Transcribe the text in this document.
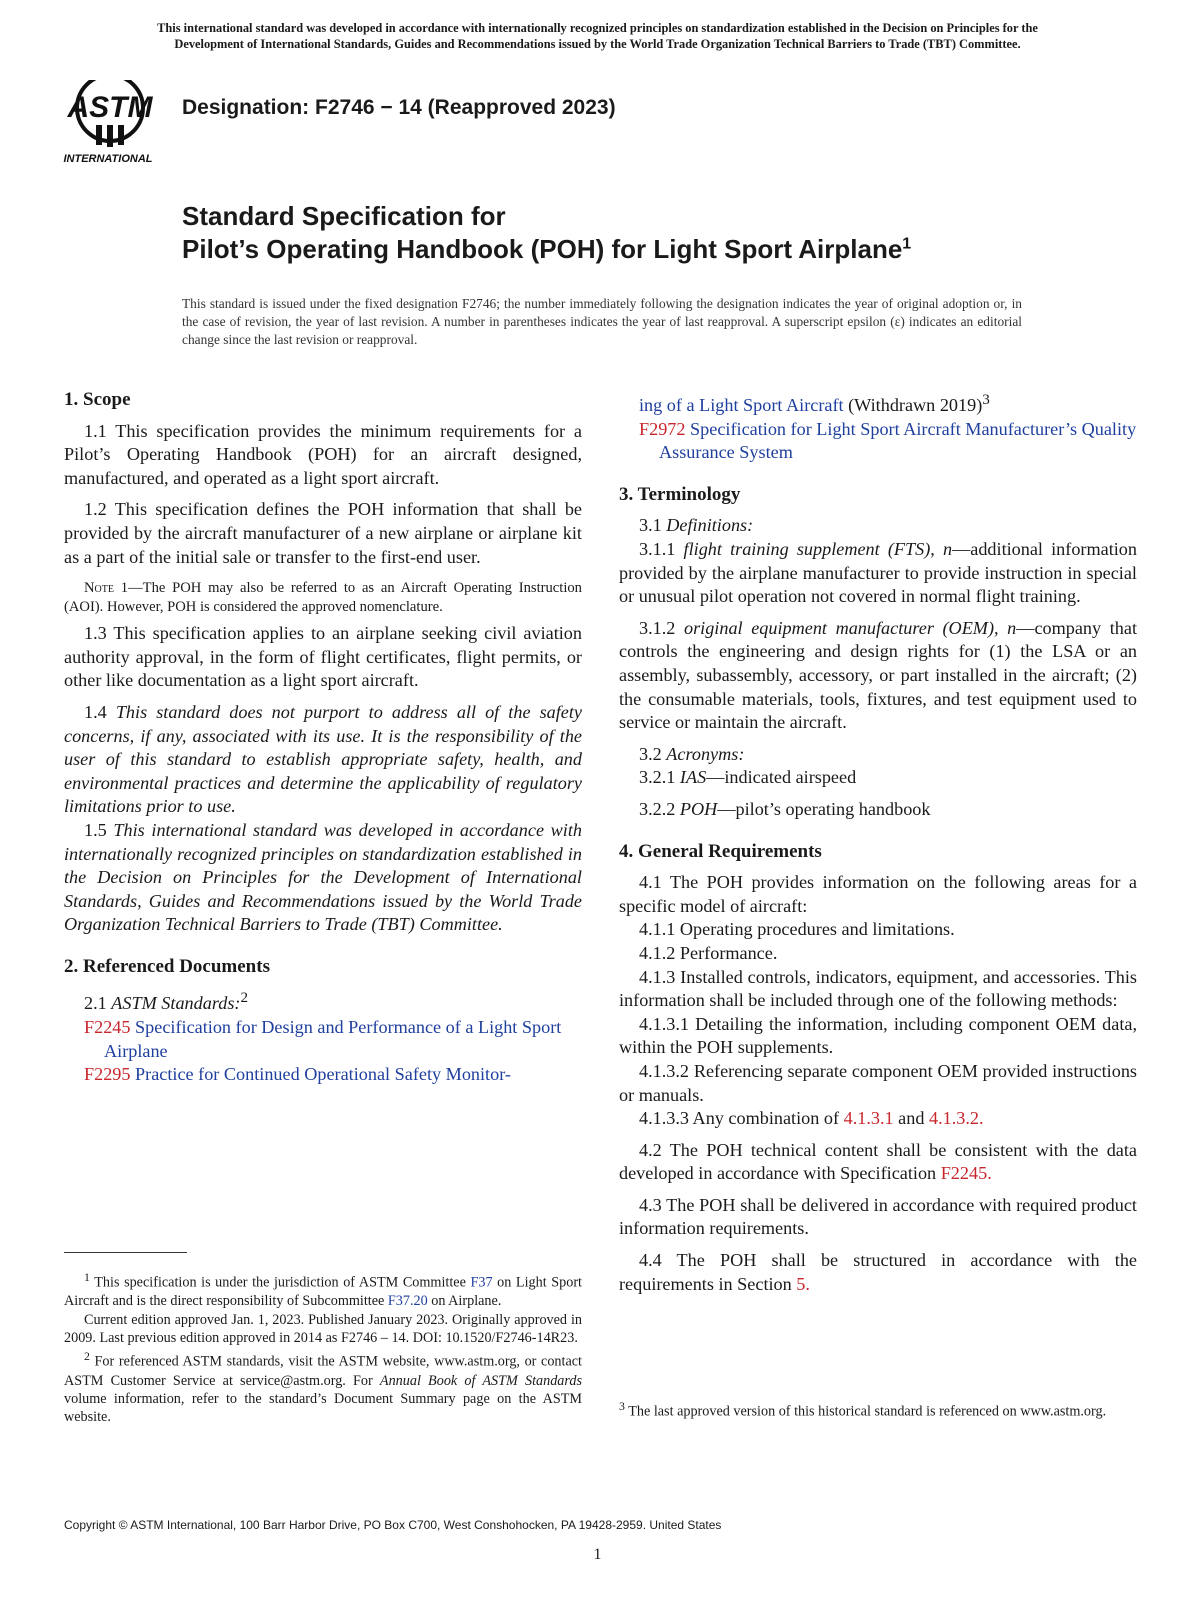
This international standard was developed in accordance with internationally recognized principles on standardization established in the Decision on Principles for the
Development of International Standards, Guides and Recommendations issued by the World Trade Organization Technical Barriers to Trade (TBT) Committee.
ASTM
INTERNATIONAL
Designation: F2746 − 14 (Reapproved 2023)
Standard Specification for
Pilot’s Operating Handbook (POH) for Light Sport Airplane$^1$
This standard is issued under the fixed designation F2746; the number immediately following the designation indicates the year of original adoption or, in the case of revision, the year of last revision. A number in parentheses indicates the year of last reapproval. A superscript epsilon (ε) indicates an editorial change since the last revision or reapproval.

1. Scope

1.1 This specification provides the minimum requirements for a Pilot’s Operating Handbook (POH) for an aircraft designed, manufactured, and operated as a light sport aircraft.

1.2 This specification defines the POH information that shall be provided by the aircraft manufacturer of a new airplane or airplane kit as a part of the initial sale or transfer to the first-end user.

Note 1—The POH may also be referred to as an Aircraft Operating Instruction (AOI). However, POH is considered the approved nomenclature.

1.3 This specification applies to an airplane seeking civil aviation authority approval, in the form of flight certificates, flight permits, or other like documentation as a light sport aircraft.

1.4 This standard does not purport to address all of the safety concerns, if any, associated with its use. It is the responsibility of the user of this standard to establish appropriate safety, health, and environmental practices and determine the applicability of regulatory limitations prior to use.

1.5 This international standard was developed in accordance with internationally recognized principles on standardization established in the Decision on Principles for the Development of International Standards, Guides and Recommendations issued by the World Trade Organization Technical Barriers to Trade (TBT) Committee.

2. Referenced Documents

2.1 ASTM Standards:$^2$

F2245 Specification for Design and Performance of a Light Sport Airplane

F2295 Practice for Continued Operational Safety Monitor-

ing of a Light Sport Aircraft (Withdrawn 2019)$^3$

F2972 Specification for Light Sport Aircraft Manufacturer’s Quality Assurance System

3. Terminology

3.1 Definitions:

3.1.1 flight training supplement (FTS), n—additional information provided by the airplane manufacturer to provide instruction in special or unusual pilot operation not covered in normal flight training.

3.1.2 original equipment manufacturer (OEM), n—company that controls the engineering and design rights for (1) the LSA or an assembly, subassembly, accessory, or part installed in the aircraft; (2) the consumable materials, tools, fixtures, and test equipment used to service or maintain the aircraft.

3.2 Acronyms:

3.2.1 IAS—indicated airspeed

3.2.2 POH—pilot’s operating handbook

4. General Requirements

4.1 The POH provides information on the following areas for a specific model of aircraft:

4.1.1 Operating procedures and limitations.

4.1.2 Performance.

4.1.3 Installed controls, indicators, equipment, and accessories. This information shall be included through one of the following methods:

4.1.3.1 Detailing the information, including component OEM data, within the POH supplements.

4.1.3.2 Referencing separate component OEM provided instructions or manuals.

4.1.3.3 Any combination of 4.1.3.1 and 4.1.3.2.

4.2 The POH technical content shall be consistent with the data developed in accordance with Specification F2245.

4.3 The POH shall be delivered in accordance with required product information requirements.

4.4 The POH shall be structured in accordance with the requirements in Section 5.

$^1$ This specification is under the jurisdiction of ASTM Committee F37 on Light Sport Aircraft and is the direct responsibility of Subcommittee F37.20 on Airplane.

Current edition approved Jan. 1, 2023. Published January 2023. Originally approved in 2009. Last previous edition approved in 2014 as F2746 – 14. DOI: 10.1520/F2746-14R23.

$^2$ For referenced ASTM standards, visit the ASTM website, www.astm.org, or contact ASTM Customer Service at service@astm.org. For Annual Book of ASTM Standards volume information, refer to the standard’s Document Summary page on the ASTM website.

$^3$ The last approved version of this historical standard is referenced on www.astm.org.

Copyright © ASTM International, 100 Barr Harbor Drive, PO Box C700, West Conshohocken, PA 19428-2959. United States
1
